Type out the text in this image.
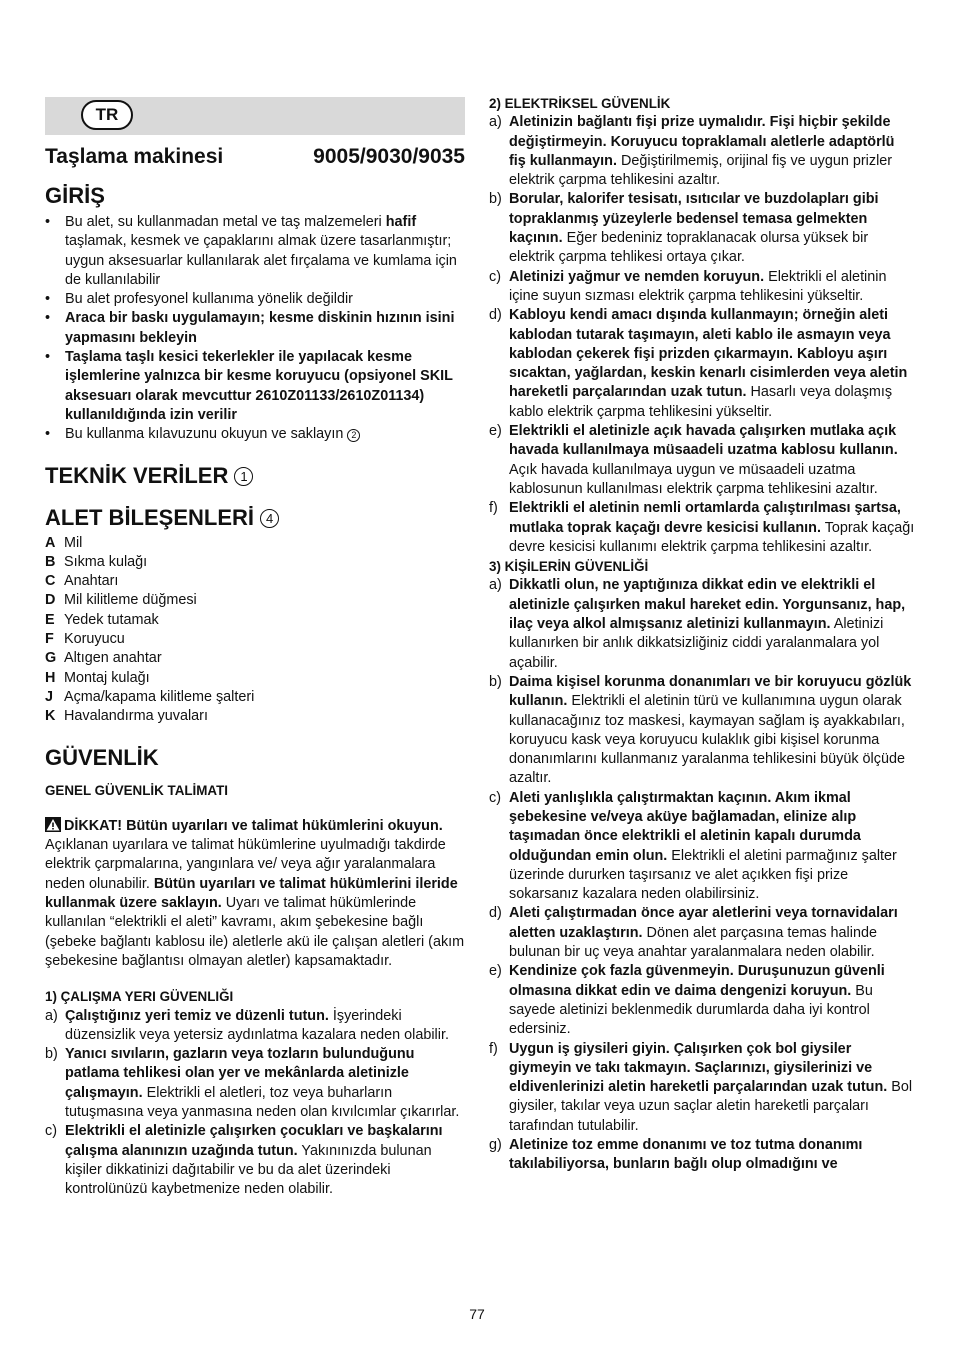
TR
Taşlama makinesi	9005/9030/9035
GİRİŞ
• Bu alet, su kullanmadan metal ve taş malzemeleri hafif taşlamak, kesmek ve çapaklarını almak üzere tasarlanmıştır; uygun aksesuarlar kullanılarak alet fırçalama ve kumlama için de kullanılabilir
• Bu alet profesyonel kullanıma yönelik değildir
• Araca bir baskı uygulamayın; kesme diskinin hızının isini yapmasını bekleyin
• Taşlama taşlı kesici tekerlekler ile yapılacak kesme işlemlerine yalnızca bir kesme koruyucu (opsiyonel SKIL aksesuarı olarak mevcuttur 2610Z01133/2610Z01134) kullanıldığında izin verilir
• Bu kullanma kılavuzunu okuyun ve saklayın 2
TEKNİK VERİLER 1
ALET BİLEŞENLERİ 4
A Mil
B Sıkma kulağı
C Anahtarı
D Mil kilitleme düğmesi
E Yedek tutamak
F Koruyucu
G Altıgen anahtar
H Montaj kulağı
J Açma/kapama kilitleme şalteri
K Havalandırma yuvaları
GÜVENLİK
GENEL GÜVENLİK TALİMATI
DİKKAT! Bütün uyarıları ve talimat hükümlerini okuyun. Açıklanan uyarılara ve talimat hükümlerine uyulmadığı takdirde elektrik çarpmalarına, yangınlara ve/ veya ağır yaralanmalara neden olunabilir. Bütün uyarıları ve talimat hükümlerini ileride kullanmak üzere saklayın. Uyarı ve talimat hükümlerinde kullanılan “elektrikli el aleti” kavramı, akım şebekesine bağlı (şebeke bağlantı kablosu ile) aletlerle akü ile çalışan aletleri (akım şebekesine bağlantısı olmayan aletler) kapsamaktadır.
1) ÇALIŞMA YERI GÜVENLIĞI
a) Çalıştığınız yeri temiz ve düzenli tutun. İşyerindeki düzensizlik veya yetersiz aydınlatma kazalara neden olabilir.
b) Yanıcı sıvıların, gazların veya tozların bulunduğunu patlama tehlikesi olan yer ve mekânlarda aletinizle çalışmayın. Elektrikli el aletleri, toz veya buharların tutuşmasına veya yanmasına neden olan kıvılcımlar çıkarırlar.
c) Elektrikli el aletinizle çalışırken çocukları ve başkalarını çalışma alanınızın uzağında tutun. Yakınınızda bulunan kişiler dikkatinizi dağıtabilir ve bu da alet üzerindeki kontrolünüzü kaybetmenize neden olabilir.
2) ELEKTRİKSEL GÜVENLİK
a) Aletinizin bağlantı fişi prize uymalıdır. Fişi hiçbir şekilde değiştirmeyin. Koruyucu topraklamalı aletlerle adaptörlü fiş kullanmayın. Değiştirilmemiş, orijinal fiş ve uygun prizler elektrik çarpma tehlikesini azaltır.
b) Borular, kalorifer tesisatı, ısıtıcılar ve buzdolapları gibi topraklanmış yüzeylerle bedensel temasa gelmekten kaçının. Eğer bedeniniz topraklanacak olursa yüksek bir elektrik çarpma tehlikesi ortaya çıkar.
c) Aletinizi yağmur ve nemden koruyun. Elektrikli el aletinin içine suyun sızması elektrik çarpma tehlikesini yükseltir.
d) Kabloyu kendi amacı dışında kullanmayın; örneğin aleti kablodan tutarak taşımayın, aleti kablo ile asmayın veya kablodan çekerek fişi prizden çıkarmayın. Kabloyu aşırı sıcaktan, yağlardan, keskin kenarlı cisimlerden veya aletin hareketli parçalarından uzak tutun. Hasarlı veya dolaşmış kablo elektrik çarpma tehlikesini yükseltir.
e) Elektrikli el aletinizle açık havada çalışırken mutlaka açık havada kullanılmaya müsaadeli uzatma kablosu kullanın. Açık havada kullanılmaya uygun ve müsaadeli uzatma kablosunun kullanılması elektrik çarpma tehlikesini azaltır.
f) Elektrikli el aletinin nemli ortamlarda çalıştırılması şartsa, mutlaka toprak kaçağı devre kesicisi kullanın. Toprak kaçağı devre kesicisi kullanımı elektrik çarpma tehlikesini azaltır.
3) KİŞİLERİN GÜVENLİĞİ
a) Dikkatli olun, ne yaptığınıza dikkat edin ve elektrikli el aletinizle çalışırken makul hareket edin. Yorgunsanız, hap, ilaç veya alkol almışsanız aletinizi kullanmayın. Aletinizi kullanırken bir anlık dikkatsizliğiniz ciddi yaralanmalara yol açabilir.
b) Daima kişisel korunma donanımları ve bir koruyucu gözlük kullanın. Elektrikli el aletinin türü ve kullanımına uygun olarak kullanacağınız toz maskesi, kaymayan sağlam iş ayakkabıları, koruyucu kask veya koruyucu kulaklık gibi kişisel korunma donanımlarını kullanmanız yaralanma tehlikesini büyük ölçüde azaltır.
c) Aleti yanlışlıkla çalıştırmaktan kaçının. Akım ikmal şebekesine ve/veya aküye bağlamadan, elinize alıp taşımadan önce elektrikli el aletinin kapalı durumda olduğundan emin olun. Elektrikli el aletini parmağınız şalter üzerinde dururken taşırsanız ve alet açıkken fişi prize sokarsanız kazalara neden olabilirsiniz.
d) Aleti çalıştırmadan önce ayar aletlerini veya tornavidaları aletten uzaklaştırın. Dönen alet parçasına temas halinde bulunan bir uç veya anahtar yaralanmalara neden olabilir.
e) Kendinize çok fazla güvenmeyin. Duruşunuzun güvenli olmasına dikkat edin ve daima dengenizi koruyun. Bu sayede aletinizi beklenmedik durumlarda daha iyi kontrol edersiniz.
f) Uygun iş giysileri giyin. Çalışırken çok bol giysiler giymeyin ve takı takmayın. Saçlarınızı, giysilerinizi ve eldivenlerinizi aletin hareketli parçalarından uzak tutun. Bol giysiler, takılar veya uzun saçlar aletin hareketli parçaları tarafından tutulabilir.
g) Aletinize toz emme donanımı ve toz tutma donanımı takılabiliyorsa, bunların bağlı olup olmadığını ve
77
